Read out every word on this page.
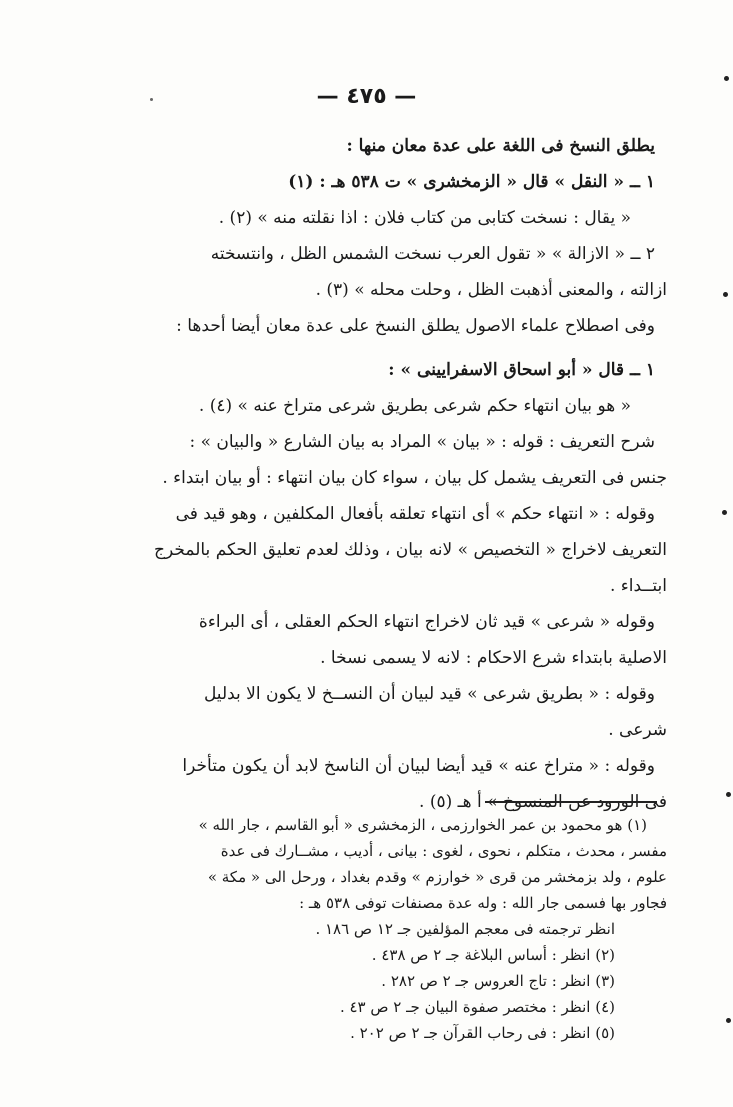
— ٤٧٥ —

يطلق النسخ فى اللغة على عدة معان منها :

١ ــ « النقل » قال « الزمخشرى » ت ٥٣٨ هـ : (١)

« يقال : نسخت كتابى من كتاب فلان : اذا نقلته منه » (٢) .

٢ ــ « الازالة » « تقول العرب نسخت الشمس الظل ، وانتسخته

ازالته ، والمعنى أذهبت الظل ، وحلت محله » (٣) .

وفى اصطلاح علماء الاصول يطلق النسخ على عدة معان أيضا أحدها :

١ ــ قال « أبو اسحاق الاسفرايينى » :

« هو بيان انتهاء حكم شرعى بطريق شرعى متراخ عنه » (٤) .

شرح التعريف : قوله : « بيان » المراد به بيان الشارع « والبيان » :

جنس فى التعريف يشمل كل بيان ، سواء كان بيان انتهاء : أو بيان ابتداء .

وقوله : « انتهاء حكم » أى انتهاء تعلقه بأفعال المكلفين ، وهو قيد فى

التعريف لاخراج « التخصيص » لانه بيان ، وذلك لعدم تعليق الحكم بالمخرج

ابتــداء .

وقوله « شرعى » قيد ثان لاخراج انتهاء الحكم العقلى ، أى البراءة

الاصلية بابتداء شرع الاحكام : لانه لا يسمى نسخا .

وقوله : « بطريق شرعى » قيد لبيان أن النســخ لا يكون الا بدليل

شرعى .

وقوله : « متراخ عنه » قيد أيضا لبيان أن الناسخ لابد أن يكون متأخرا

فى الورود عن المنسوخ » أ هـ (٥) .

(١) هو محمود بن عمر الخوارزمى ، الزمخشرى « أبو القاسم ، جار الله »

مفسر ، محدث ، متكلم ، نحوى ، لغوى : بيانى ، أديب ، مشــارك فى عدة

علوم ، ولد بزمخشر من قرى « خوارزم » وقدم بغداد ، ورحل الى « مكة »

فجاور بها فسمى جار الله : وله عدة مصنفات توفى ٥٣٨ هـ :

انظر ترجمته فى معجم المؤلفين جـ ١٢ ص ١٨٦ .

(٢) انظر : أساس البلاغة جـ ٢ ص ٤٣٨ .

(٣) انظر : تاج العروس جـ ٢ ص ٢٨٢ .

(٤) انظر : مختصر صفوة البيان جـ ٢ ص ٤٣ .

(٥) انظر : فى رحاب القرآن جـ ٢ ص ٢٠٢ .
